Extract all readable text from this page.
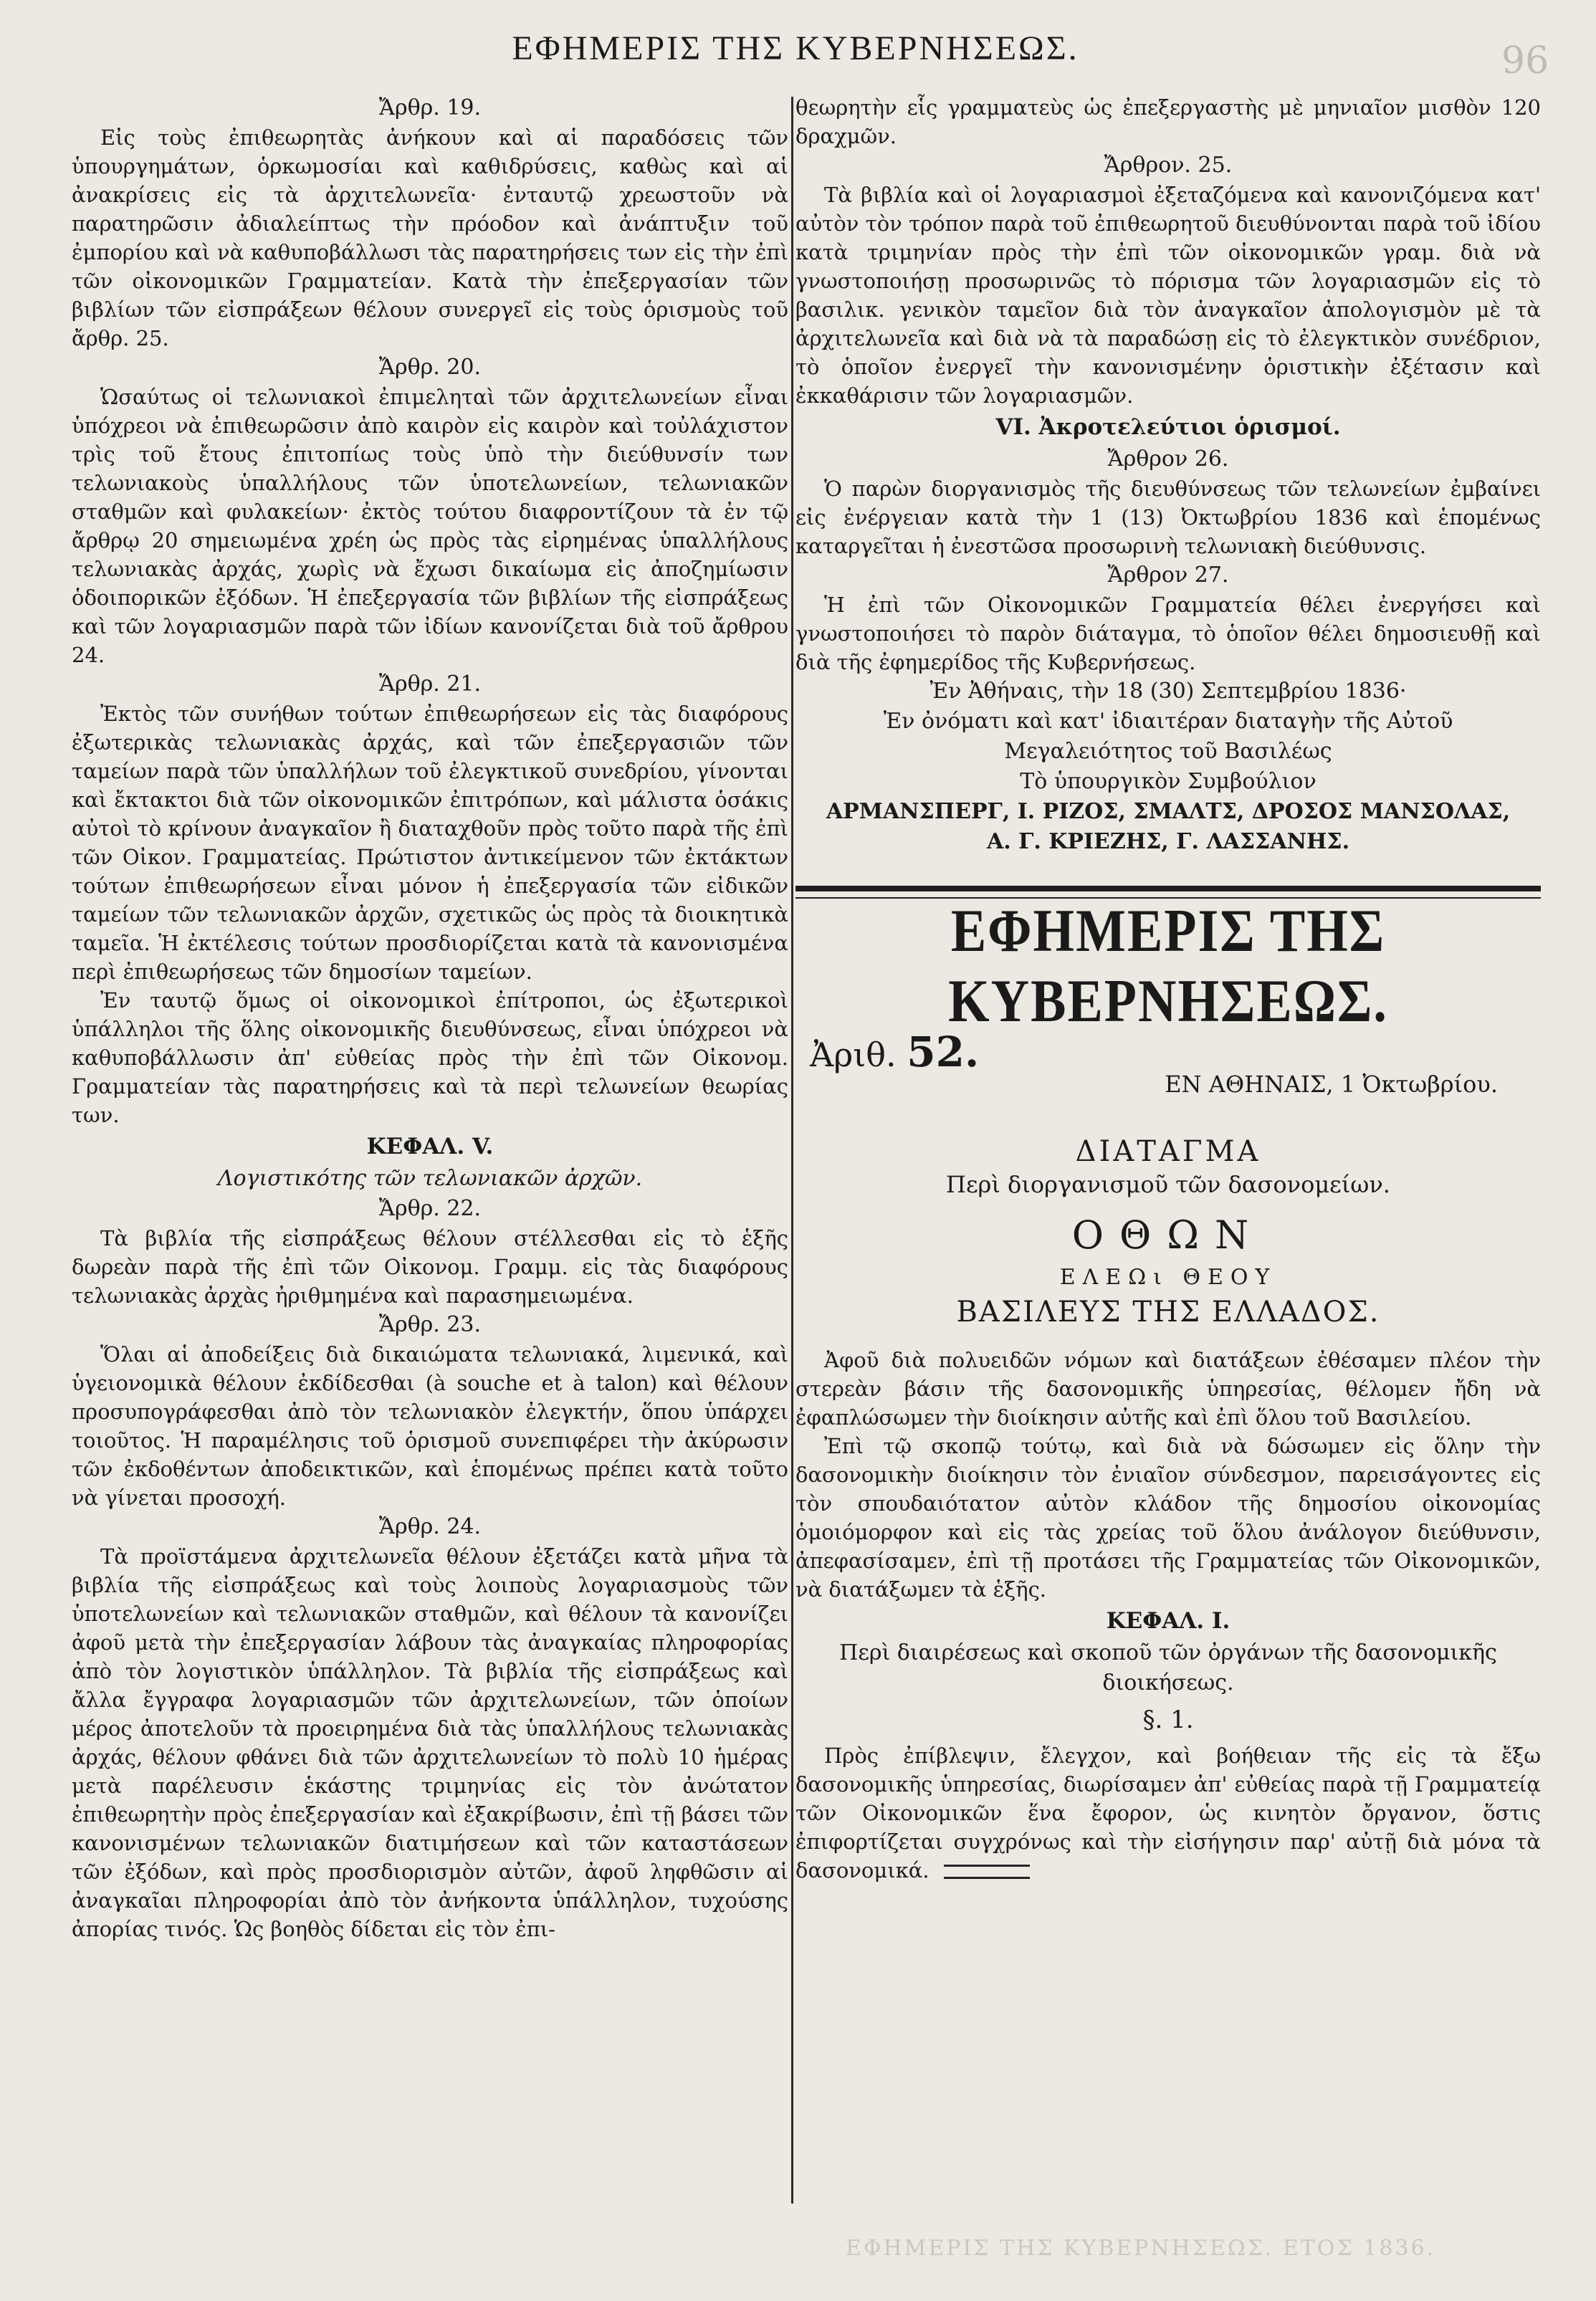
ΕΦΗΜΕΡΙΣ ΤΗΣ ΚΥΒΕΡΝΗΣΕΩΣ.	96

Ἄρθρ. 19.

Εἰς τοὺς ἐπιθεωρητὰς ἀνήκουν καὶ αἱ παραδόσεις τῶν ὑπουργημάτων, ὁρκωμοσίαι καὶ καθιδρύσεις, καθὼς καὶ αἱ ἀνακρίσεις εἰς τὰ ἀρχιτελωνεῖα· ἐνταυτῷ χρεωστοῦν νὰ παρατηρῶσιν ἀδιαλείπτως τὴν πρόοδον καὶ ἀνάπτυξιν τοῦ ἐμπορίου καὶ νὰ καθυποβάλλωσι τὰς παρατηρήσεις των εἰς τὴν ἐπὶ τῶν οἰκονομικῶν Γραμματείαν. Κατὰ τὴν ἐπεξεργασίαν τῶν βιβλίων τῶν εἰσπράξεων θέλουν συνεργεῖ εἰς τοὺς ὁρισμοὺς τοῦ ἄρθρ. 25.

Ἄρθρ. 20.

Ὡσαύτως οἱ τελωνιακοὶ ἐπιμεληταὶ τῶν ἀρχιτελωνείων εἶναι ὑπόχρεοι νὰ ἐπιθεωρῶσιν ἀπὸ καιρὸν εἰς καιρὸν καὶ τοὐλάχιστον τρὶς τοῦ ἔτους ἐπιτοπίως τοὺς ὑπὸ τὴν διεύθυνσίν των τελωνιακοὺς ὑπαλλήλους τῶν ὑποτελωνείων, τελωνιακῶν σταθμῶν καὶ φυλακείων· ἐκτὸς τούτου διαφροντίζουν τὰ ἐν τῷ ἄρθρῳ 20 σημειωμένα χρέη ὡς πρὸς τὰς εἰρημένας ὑπαλλήλους τελωνιακὰς ἀρχάς, χωρὶς νὰ ἔχωσι δικαίωμα εἰς ἀποζημίωσιν ὁδοιπορικῶν ἐξόδων. Ἡ ἐπεξεργασία τῶν βιβλίων τῆς εἰσπράξεως καὶ τῶν λογαριασμῶν παρὰ τῶν ἰδίων κανονίζεται διὰ τοῦ ἄρθρου 24.

Ἄρθρ. 21.

Ἐκτὸς τῶν συνήθων τούτων ἐπιθεωρήσεων εἰς τὰς διαφόρους ἐξωτερικὰς τελωνιακὰς ἀρχάς, καὶ τῶν ἐπεξεργασιῶν τῶν ταμείων παρὰ τῶν ὑπαλλήλων τοῦ ἐλεγκτικοῦ συνεδρίου, γίνονται καὶ ἔκτακτοι διὰ τῶν οἰκονομικῶν ἐπιτρόπων, καὶ μάλιστα ὁσάκις αὐτοὶ τὸ κρίνουν ἀναγκαῖον ἢ διαταχθοῦν πρὸς τοῦτο παρὰ τῆς ἐπὶ τῶν Οἰκον. Γραμματείας. Πρώτιστον ἀντικείμενον τῶν ἐκτάκτων τούτων ἐπιθεωρήσεων εἶναι μόνον ἡ ἐπεξεργασία τῶν εἰδικῶν ταμείων τῶν τελωνιακῶν ἀρχῶν, σχετικῶς ὡς πρὸς τὰ διοικητικὰ ταμεῖα. Ἡ ἐκτέλεσις τούτων προσδιορίζεται κατὰ τὰ κανονισμένα περὶ ἐπιθεωρήσεως τῶν δημοσίων ταμείων.

Ἐν ταυτῷ ὅμως οἱ οἰκονομικοὶ ἐπίτροποι, ὡς ἐξωτερικοὶ ὑπάλληλοι τῆς ὅλης οἰκονομικῆς διευθύνσεως, εἶναι ὑπόχρεοι νὰ καθυποβάλλωσιν ἀπ' εὐθείας πρὸς τὴν ἐπὶ τῶν Οἰκονομ. Γραμματείαν τὰς παρατηρήσεις καὶ τὰ περὶ τελωνείων θεωρίας των.

ΚΕΦΑΛ. V.

Λογιστικότης τῶν τελωνιακῶν ἀρχῶν.

Ἄρθρ. 22.

Τὰ βιβλία τῆς εἰσπράξεως θέλουν στέλλεσθαι εἰς τὸ ἑξῆς δωρεὰν παρὰ τῆς ἐπὶ τῶν Οἰκονομ. Γραμμ. εἰς τὰς διαφόρους τελωνιακὰς ἀρχὰς ἠριθμημένα καὶ παρασημειωμένα.

Ἄρθρ. 23.

Ὅλαι αἱ ἀποδείξεις διὰ δικαιώματα τελωνιακά, λιμενικά, καὶ ὑγειονομικὰ θέλουν ἐκδίδεσθαι (à souche et à talon) καὶ θέλουν προσυπογράφεσθαι ἀπὸ τὸν τελωνιακὸν ἐλεγκτήν, ὅπου ὑπάρχει τοιοῦτος. Ἡ παραμέλησις τοῦ ὁρισμοῦ συνεπιφέρει τὴν ἀκύρωσιν τῶν ἐκδοθέντων ἀποδεικτικῶν, καὶ ἑπομένως πρέπει κατὰ τοῦτο νὰ γίνεται προσοχή.

Ἄρθρ. 24.

Τὰ προϊστάμενα ἀρχιτελωνεῖα θέλουν ἐξετάζει κατὰ μῆνα τὰ βιβλία τῆς εἰσπράξεως καὶ τοὺς λοιποὺς λογαριασμοὺς τῶν ὑποτελωνείων καὶ τελωνιακῶν σταθμῶν, καὶ θέλουν τὰ κανονίζει ἀφοῦ μετὰ τὴν ἐπεξεργασίαν λάβουν τὰς ἀναγκαίας πληροφορίας ἀπὸ τὸν λογιστικὸν ὑπάλληλον. Τὰ βιβλία τῆς εἰσπράξεως καὶ ἄλλα ἔγγραφα λογαριασμῶν τῶν ἀρχιτελωνείων, τῶν ὁποίων μέρος ἀποτελοῦν τὰ προειρημένα διὰ τὰς ὑπαλλήλους τελωνιακὰς ἀρχάς, θέλουν φθάνει διὰ τῶν ἀρχιτελωνείων τὸ πολὺ 10 ἡμέρας μετὰ παρέλευσιν ἑκάστης τριμηνίας εἰς τὸν ἀνώτατον ἐπιθεωρητὴν πρὸς ἐπεξεργασίαν καὶ ἐξακρίβωσιν, ἐπὶ τῇ βάσει τῶν κανονισμένων τελωνιακῶν διατιμήσεων καὶ τῶν καταστάσεων τῶν ἐξόδων, καὶ πρὸς προσδιορισμὸν αὐτῶν, ἀφοῦ ληφθῶσιν αἱ ἀναγκαῖαι πληροφορίαι ἀπὸ τὸν ἀνήκοντα ὑπάλληλον, τυχούσης ἀπορίας τινός. Ὡς βοηθὸς δίδεται εἰς τὸν ἐπι-

θεωρητὴν εἷς γραμματεὺς ὡς ἐπεξεργαστὴς μὲ μηνιαῖον μισθὸν 120 δραχμῶν.

Ἄρθρον. 25.

Τὰ βιβλία καὶ οἱ λογαριασμοὶ ἐξεταζόμενα καὶ κανονιζόμενα κατ' αὐτὸν τὸν τρόπον παρὰ τοῦ ἐπιθεωρητοῦ διευθύνονται παρὰ τοῦ ἰδίου κατὰ τριμηνίαν πρὸς τὴν ἐπὶ τῶν οἰκονομικῶν γραμ. διὰ νὰ γνωστοποιήσῃ προσωρινῶς τὸ πόρισμα τῶν λογαριασμῶν εἰς τὸ βασιλικ. γενικὸν ταμεῖον διὰ τὸν ἀναγκαῖον ἀπολογισμὸν μὲ τὰ ἀρχιτελωνεῖα καὶ διὰ νὰ τὰ παραδώσῃ εἰς τὸ ἐλεγκτικὸν συνέδριον, τὸ ὁποῖον ἐνεργεῖ τὴν κανονισμένην ὁριστικὴν ἐξέτασιν καὶ ἐκκαθάρισιν τῶν λογαριασμῶν.

VI. Ἀκροτελεύτιοι ὁρισμοί.

Ἄρθρον 26.

Ὁ παρὼν διοργανισμὸς τῆς διευθύνσεως τῶν τελωνείων ἐμβαίνει εἰς ἐνέργειαν κατὰ τὴν 1 (13) Ὀκτωβρίου 1836 καὶ ἑπομένως καταργεῖται ἡ ἐνεστῶσα προσωρινὴ τελωνιακὴ διεύθυνσις.

Ἄρθρον 27.

Ἡ ἐπὶ τῶν Οἰκονομικῶν Γραμματεία θέλει ἐνεργήσει καὶ γνωστοποιήσει τὸ παρὸν διάταγμα, τὸ ὁποῖον θέλει δημοσιευθῇ καὶ διὰ τῆς ἐφημερίδος τῆς Κυβερνήσεως.

Ἐν Ἀθήναις, τὴν 18 (30) Σεπτεμβρίου 1836·

Ἐν ὀνόματι καὶ κατ' ἰδιαιτέραν διαταγὴν τῆς Αὐτοῦ

Μεγαλειότητος τοῦ Βασιλέως

Τὸ ὑπουργικὸν Συμβούλιον

ΑΡΜΑΝΣΠΕΡΓ, Ι. ΡΙΖΟΣ, ΣΜΑΛΤΣ, ΔΡΟΣΟΣ ΜΑΝΣΟΛΑΣ,

Α. Γ. ΚΡΙΕΖΗΣ, Γ. ΛΑΣΣΑΝΗΣ.

ΕΦΗΜΕΡΙΣ ΤΗΣ ΚΥΒΕΡΝΗΣΕΩΣ.
Ἀριθ. 52.
ΕΝ ΑΘΗΝΑΙΣ, 1 Ὀκτωβρίου.
ΔΙΑΤΑΓΜΑ
Περὶ διοργανισμοῦ τῶν δασονομείων.
ΟΘΩΝ
ΕΛΕΩι ΘΕΟΥ
ΒΑΣΙΛΕΥΣ ΤΗΣ ΕΛΛΑΔΟΣ.

Ἀφοῦ διὰ πολυειδῶν νόμων καὶ διατάξεων ἐθέσαμεν πλέον τὴν στερεὰν βάσιν τῆς δασονομικῆς ὑπηρεσίας, θέλομεν ἤδη νὰ ἐφαπλώσωμεν τὴν διοίκησιν αὐτῆς καὶ ἐπὶ ὅλου τοῦ Βασιλείου.

Ἐπὶ τῷ σκοπῷ τούτῳ, καὶ διὰ νὰ δώσωμεν εἰς ὅλην τὴν δασονομικὴν διοίκησιν τὸν ἐνιαῖον σύνδεσμον, παρεισάγοντες εἰς τὸν σπουδαιότατον αὐτὸν κλάδον τῆς δημοσίου οἰκονομίας ὁμοιόμορφον καὶ εἰς τὰς χρείας τοῦ ὅλου ἀνάλογον διεύθυνσιν, ἀπεφασίσαμεν, ἐπὶ τῇ προτάσει τῆς Γραμματείας τῶν Οἰκονομικῶν, νὰ διατάξωμεν τὰ ἑξῆς.

ΚΕΦΑΛ. Ι.

Περὶ διαιρέσεως καὶ σκοποῦ τῶν ὀργάνων τῆς δασονομικῆς διοικήσεως.

§. 1.

Πρὸς ἐπίβλεψιν, ἔλεγχον, καὶ βοήθειαν τῆς εἰς τὰ ἔξω δασονομικῆς ὑπηρεσίας, διωρίσαμεν ἀπ' εὐθείας παρὰ τῇ Γραμματείᾳ τῶν Οἰκονομικῶν ἕνα ἔφορον, ὡς κινητὸν ὄργανον, ὅστις ἐπιφορτίζεται συγχρόνως καὶ τὴν εἰσήγησιν παρ' αὐτῇ διὰ μόνα τὰ δασονομικά.

ΕΦΗΜΕΡΙΣ ΤΗΣ ΚΥΒΕΡΝΗΣΕΩΣ. ΕΤΟΣ 1836.
